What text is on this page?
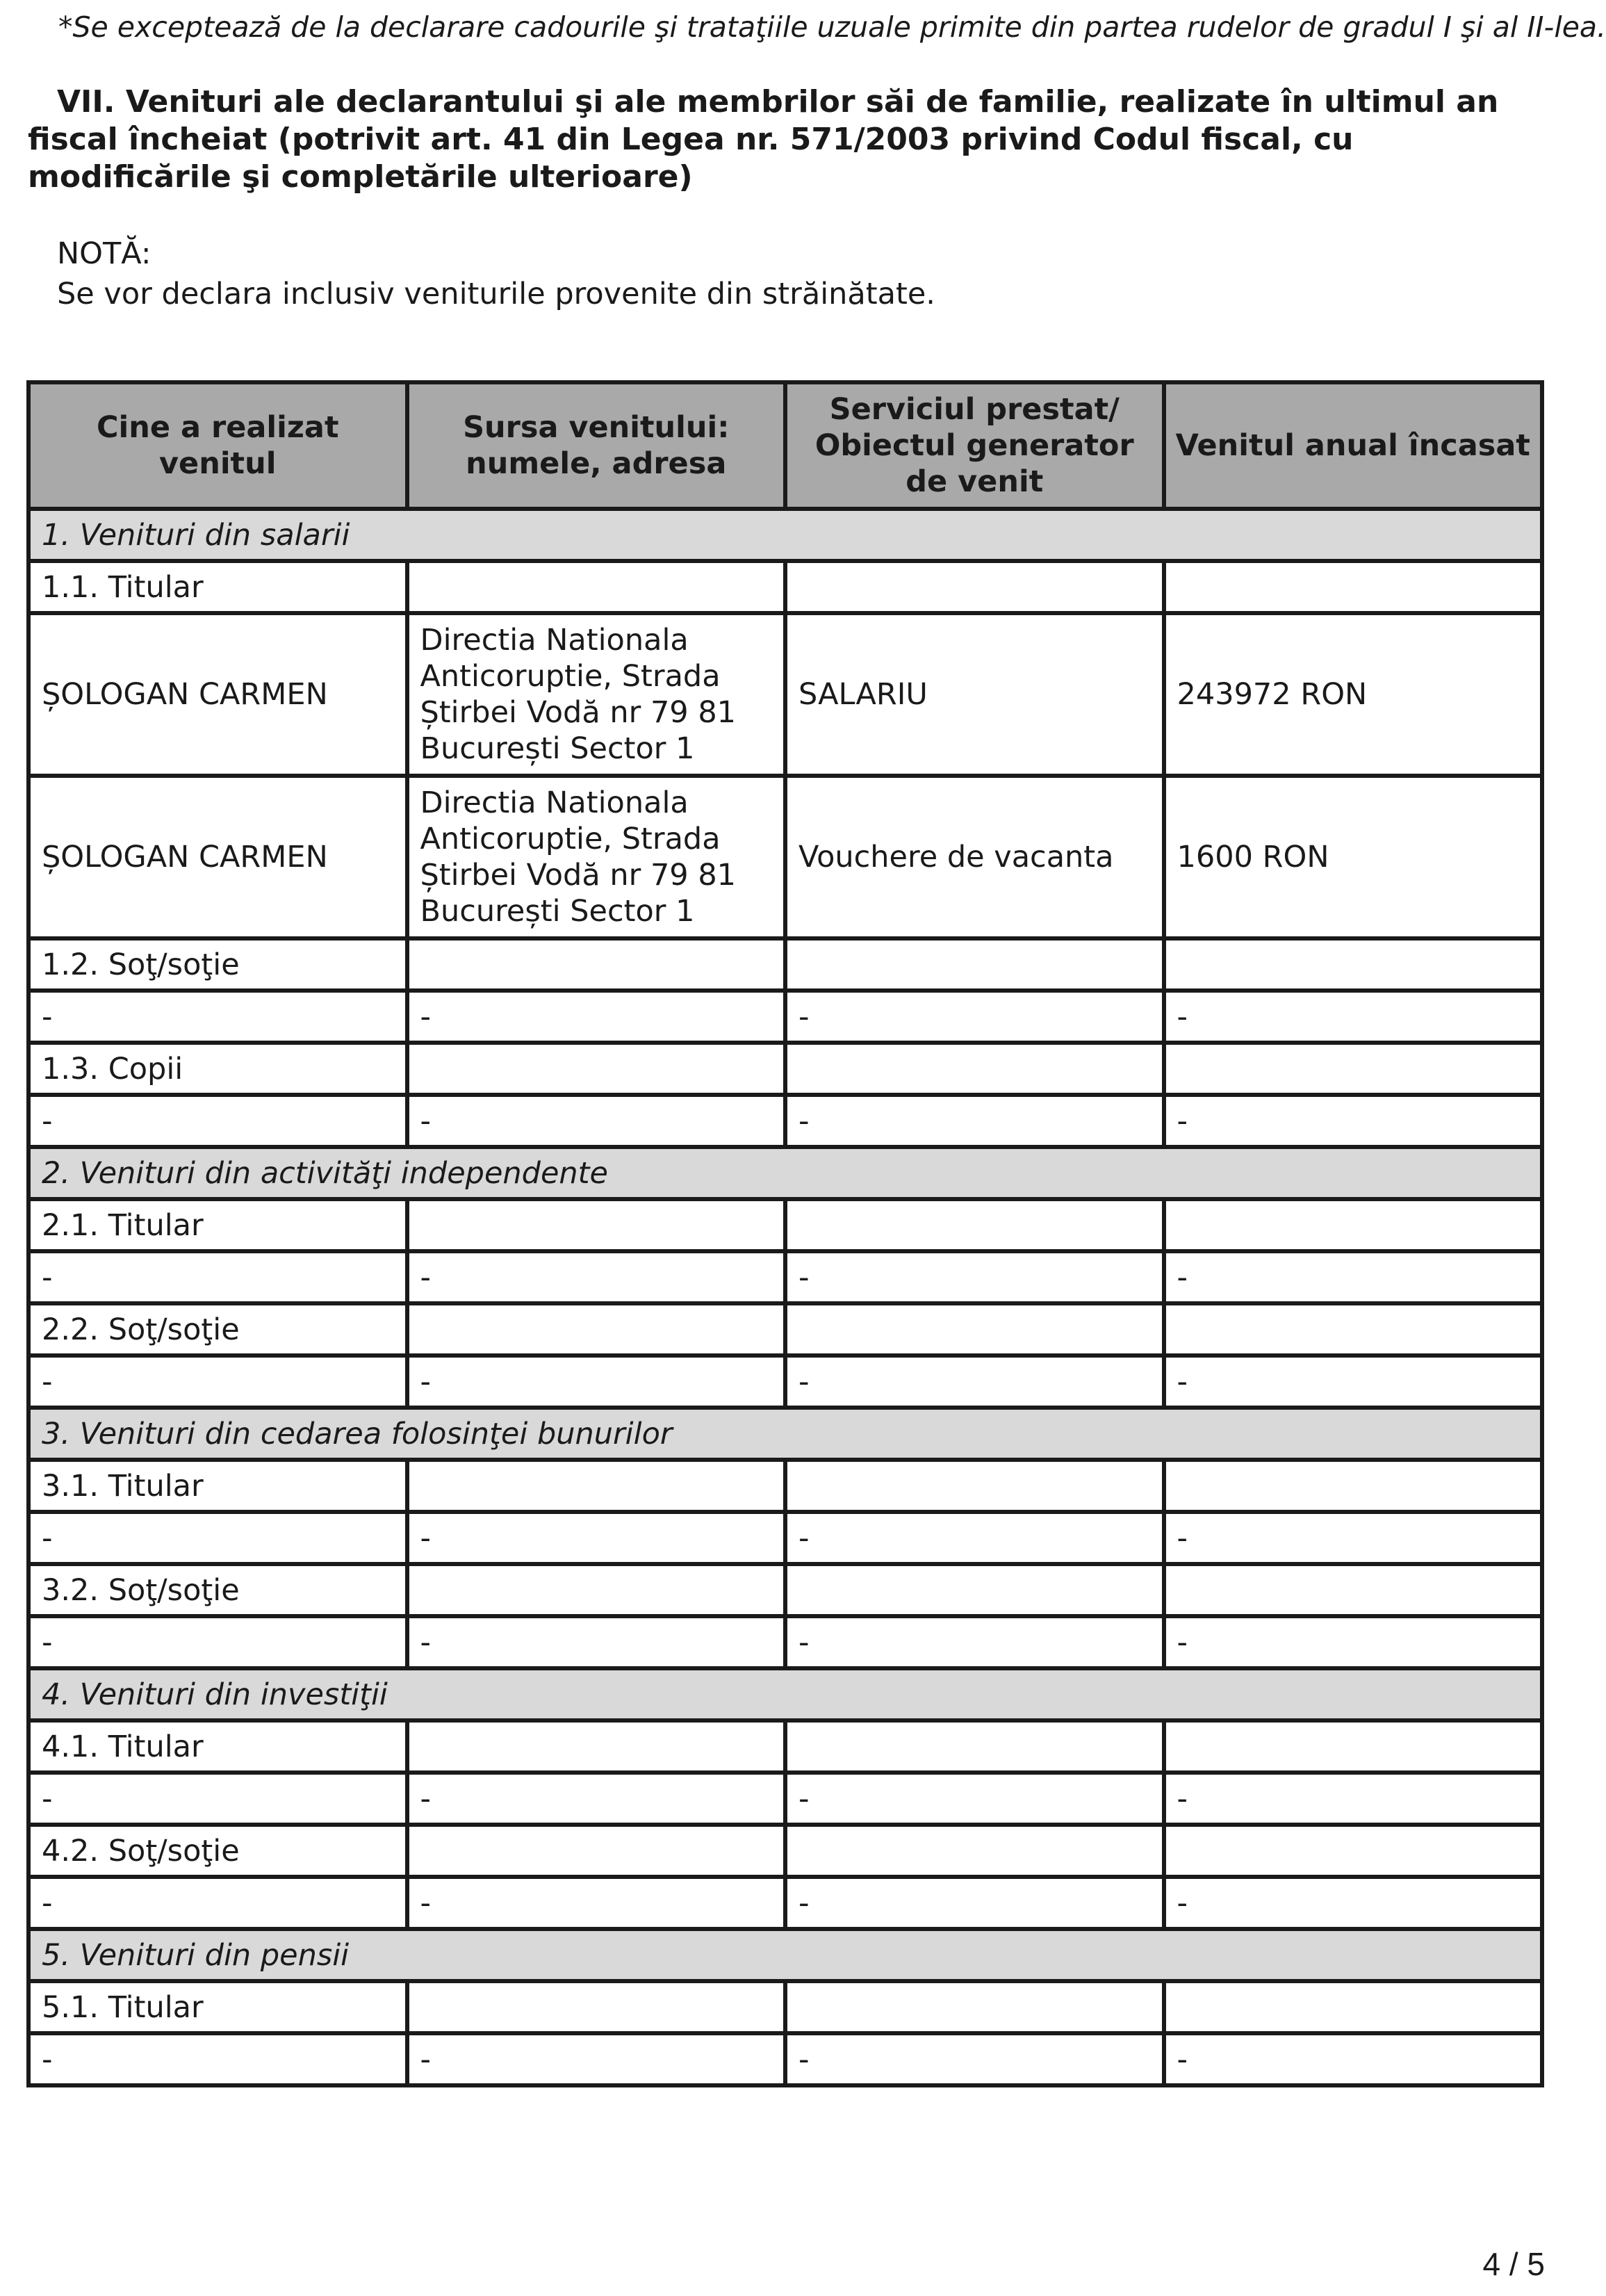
*Se exceptează de la declarare cadourile şi trataţiile uzuale primite din partea rudelor de gradul I şi al II-lea.
VII. Venituri ale declarantului şi ale membrilor săi de familie, realizate în ultimul an fiscal încheiat (potrivit art. 41 din Legea nr. 571/2003 privind Codul fiscal, cu modificările şi completările ulterioare)
NOTĂ:
Se vor declara inclusiv veniturile provenite din străinătate.
Cine a realizat venitul	Sursa venitului: numele, adresa	Serviciul prestat/ Obiectul generator de venit	Venitul anual încasat
1. Venituri din salarii			
1.1. Titular			
ȘOLOGAN CARMEN	Directia Nationala Anticoruptie, Strada Știrbei Vodă nr 79 81 București Sector 1	SALARIU	243972 RON
ȘOLOGAN CARMEN	Directia Nationala Anticoruptie, Strada Știrbei Vodă nr 79 81 București Sector 1	Vouchere de vacanta	1600 RON
1.2. Soţ/soţie			
-	-	-	-
1.3. Copii			
-	-	-	-
2. Venituri din activităţi independente			
2.1. Titular			
-	-	-	-
2.2. Soţ/soţie			
-	-	-	-
3. Venituri din cedarea folosinţei bunurilor			
3.1. Titular			
-	-	-	-
3.2. Soţ/soţie			
-	-	-	-
4. Venituri din investiţii			
4.1. Titular			
-	-	-	-
4.2. Soţ/soţie			
-	-	-	-
5. Venituri din pensii			
5.1. Titular			
-	-	-	-
4 / 5
